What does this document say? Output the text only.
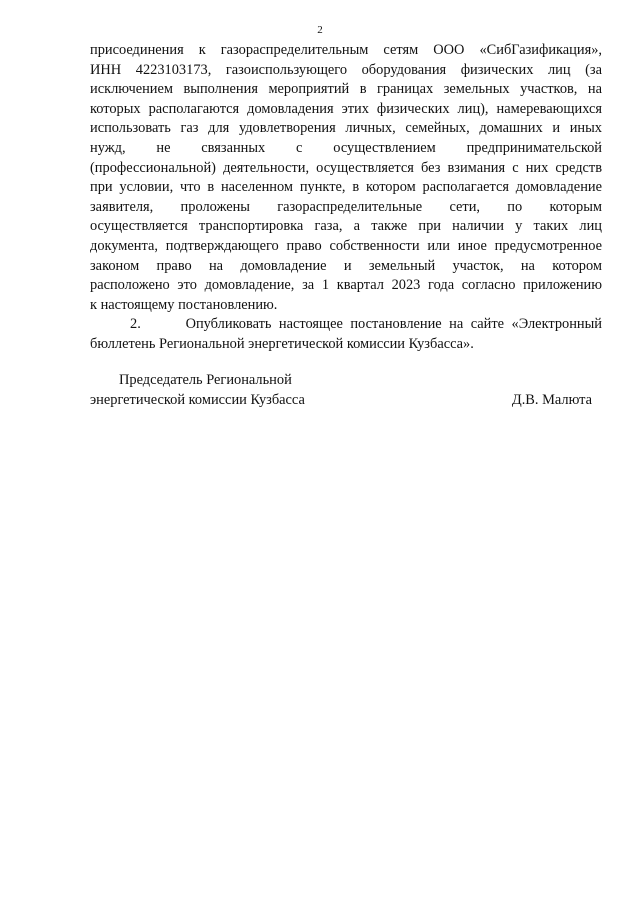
2
присоединения к газораспределительным сетям ООО «СибГазификация»,
ИНН 4223103173, газоиспользующего оборудования физических лиц (за
исключением выполнения мероприятий в границах земельных участков, на
которых располагаются домовладения этих физических лиц), намеревающихся
использовать газ для удовлетворения личных, семейных, домашних и иных
нужд, не связанных с осуществлением предпринимательской
(профессиональной) деятельности, осуществляется без взимания с них средств
при условии, что в населенном пункте, в котором располагается домовладение
заявителя, проложены газораспределительные сети, по которым
осуществляется транспортировка газа, а также при наличии у таких лиц
документа, подтверждающего право собственности или иное предусмотренное
законом право на домовладение и земельный участок, на котором
расположено это домовладение, за 1 квартал 2023 года согласно приложению
к настоящему постановлению.
2.      Опубликовать настоящее постановление на сайте «Электронный
бюллетень Региональной энергетической комиссии Кузбасса».
Председатель Региональной
энергетической комиссии Кузбасса	Д.В. Малюта
